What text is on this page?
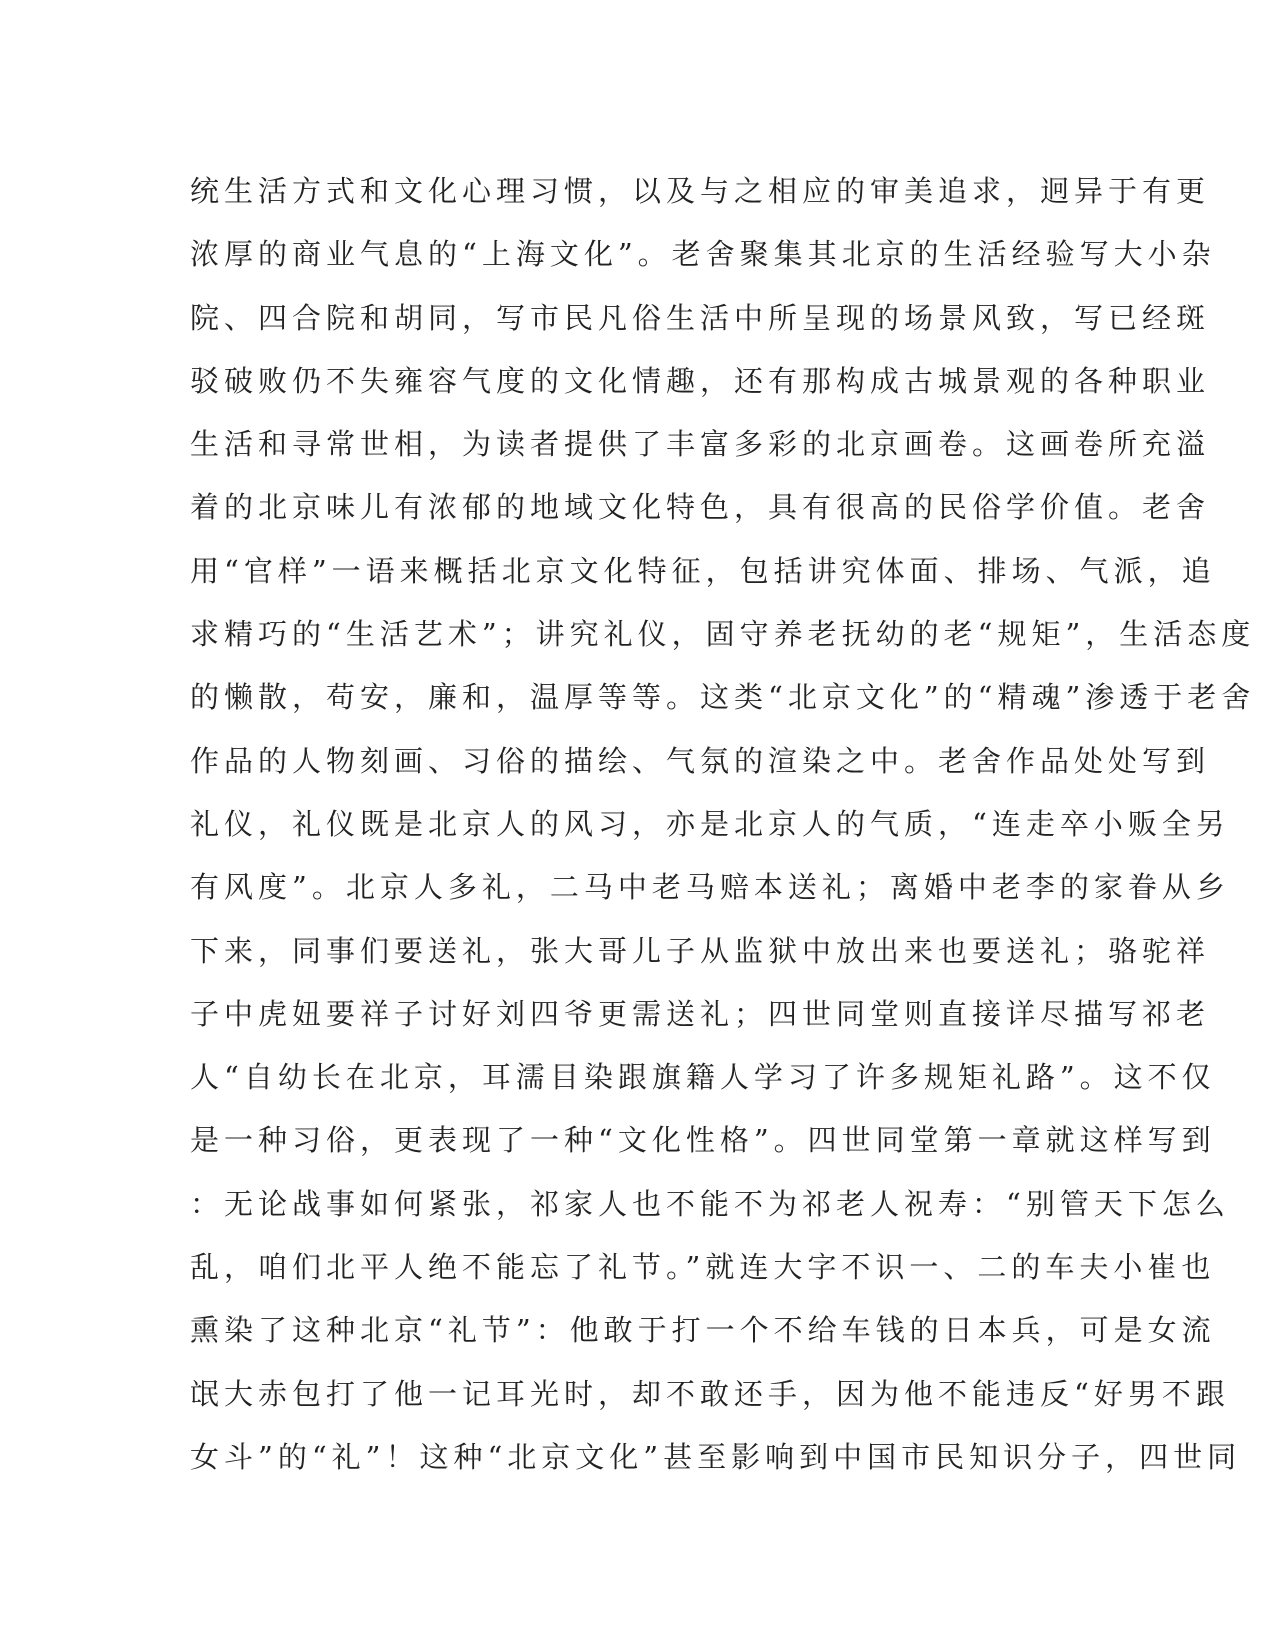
统生活方式和文化心理习惯，以及与之相应的审美追求，迥异于有更
浓厚的商业气息的“上海文化”。老舍聚集其北京的生活经验写大小杂
院、四合院和胡同，写市民凡俗生活中所呈现的场景风致，写已经斑
驳破败仍不失雍容气度的文化情趣，还有那构成古城景观的各种职业
生活和寻常世相，为读者提供了丰富多彩的北京画卷。这画卷所充溢
着的北京味儿有浓郁的地域文化特色，具有很高的民俗学价值。老舍
用“官样”一语来概括北京文化特征，包括讲究体面、排场、气派，追
求精巧的“生活艺术”；讲究礼仪，固守养老抚幼的老“规矩”，生活态度
的懒散，苟安，廉和，温厚等等。这类“北京文化”的“精魂”渗透于老舍
作品的人物刻画、习俗的描绘、气氛的渲染之中。老舍作品处处写到
礼仪，礼仪既是北京人的风习，亦是北京人的气质，“连走卒小贩全另
有风度”。北京人多礼，二马中老马赔本送礼；离婚中老李的家眷从乡
下来，同事们要送礼，张大哥儿子从监狱中放出来也要送礼；骆驼祥
子中虎妞要祥子讨好刘四爷更需送礼；四世同堂则直接详尽描写祁老
人“自幼长在北京，耳濡目染跟旗籍人学习了许多规矩礼路”。这不仅
是一种习俗，更表现了一种“文化性格”。四世同堂第一章就这样写到
：无论战事如何紧张，祁家人也不能不为祁老人祝寿：“别管天下怎么
乱，咱们北平人绝不能忘了礼节。”就连大字不识一、二的车夫小崔也
熏染了这种北京“礼节”：他敢于打一个不给车钱的日本兵，可是女流
氓大赤包打了他一记耳光时，却不敢还手，因为他不能违反“好男不跟
女斗”的“礼”！这种“北京文化”甚至影响到中国市民知识分子，四世同
